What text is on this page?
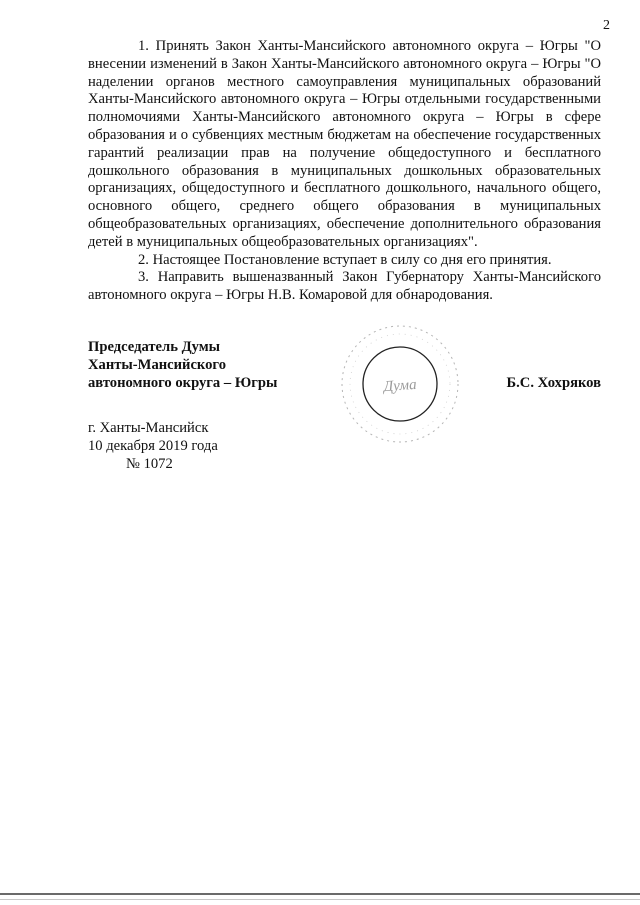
2

1. Принять Закон Ханты-Мансийского автономного округа – Югры "О внесении изменений в Закон Ханты-Мансийского автономного округа – Югры "О наделении органов местного самоуправления муниципальных образований Ханты-Мансийского автономного округа – Югры отдельными государственными полномочиями Ханты-Мансийского автономного округа – Югры в сфере образования и о субвенциях местным бюджетам на обеспечение государственных гарантий реализации прав на получение общедоступного и бесплатного дошкольного образования в муниципальных дошкольных образовательных организациях, общедоступного и бесплатного дошкольного, начального общего, основного общего, среднего общего образования в муниципальных общеобразовательных организациях, обеспечение дополнительного образования детей в муниципальных общеобразовательных организациях".

2. Настоящее Постановление вступает в силу со дня его принятия.

3. Направить вышеназванный Закон Губернатору Ханты-Мансийского автономного округа – Югры Н.В. Комаровой для обнародования.

Председатель Думы
Ханты-Мансийского
автономного округа – Югры	Б.С. Хохряков
Дума
г. Ханты-Мансийск
10 декабря 2019 года
№ 1072
